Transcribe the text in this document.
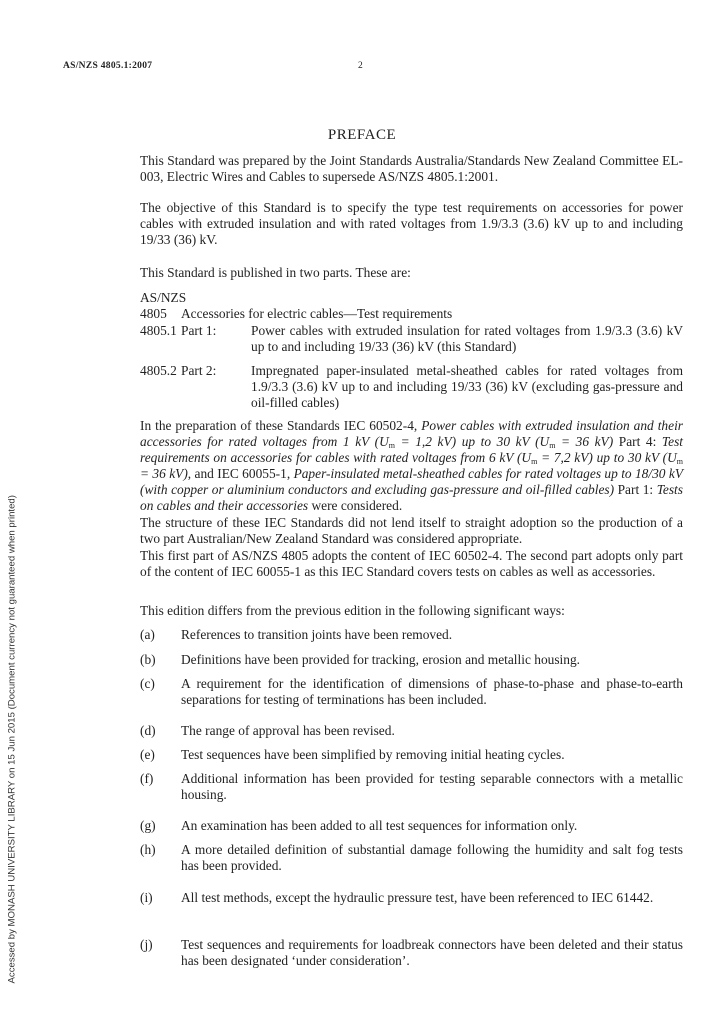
AS/NZS 4805.1:2007	2
PREFACE
This Standard was prepared by the Joint Standards Australia/Standards New Zealand Committee EL-003, Electric Wires and Cables to supersede AS/NZS 4805.1:2001.
The objective of this Standard is to specify the type test requirements on accessories for power cables with extruded insulation and with rated voltages from 1.9/3.3 (3.6) kV up to and including 19/33 (36) kV.
This Standard is published in two parts. These are:
AS/NZS
4805 Accessories for electric cables—Test requirements
4805.1 Part 1:	Power cables with extruded insulation for rated voltages from 1.9/3.3 (3.6) kV up to and including 19/33 (36) kV (this Standard)
4805.2 Part 2:	Impregnated paper-insulated metal-sheathed cables for rated voltages from 1.9/3.3 (3.6) kV up to and including 19/33 (36) kV (excluding gas-pressure and oil-filled cables)
In the preparation of these Standards IEC 60502-4, Power cables with extruded insulation and their accessories for rated voltages from 1 kV ($U_m = 1,2$ kV) up to 30 kV ($U_m = 36$ kV) Part 4: Test requirements on accessories for cables with rated voltages from 6 kV ($U_m = 7,2$ kV) up to 30 kV ($U_m = 36$ kV), and IEC 60055-1, Paper-insulated metal-sheathed cables for rated voltages up to 18/30 kV (with copper or aluminium conductors and excluding gas-pressure and oil-filled cables) Part 1: Tests on cables and their accessories were considered.
The structure of these IEC Standards did not lend itself to straight adoption so the production of a two part Australian/New Zealand Standard was considered appropriate.
This first part of AS/NZS 4805 adopts the content of IEC 60502-4. The second part adopts only part of the content of IEC 60055-1 as this IEC Standard covers tests on cables as well as accessories.
This edition differs from the previous edition in the following significant ways:
(a) References to transition joints have been removed.
(b) Definitions have been provided for tracking, erosion and metallic housing.
(c) A requirement for the identification of dimensions of phase-to-phase and phase-to-earth separations for testing of terminations has been included.
(d) The range of approval has been revised.
(e) Test sequences have been simplified by removing initial heating cycles.
(f) Additional information has been provided for testing separable connectors with a metallic housing.
(g) An examination has been added to all test sequences for information only.
(h) A more detailed definition of substantial damage following the humidity and salt fog tests has been provided.
(i) All test methods, except the hydraulic pressure test, have been referenced to IEC 61442.
(j) Test sequences and requirements for loadbreak connectors have been deleted and their status has been designated ‘under consideration’.
Accessed by MONASH UNIVERSITY LIBRARY on 15 Jun 2015 (Document currency not guaranteed when printed)
